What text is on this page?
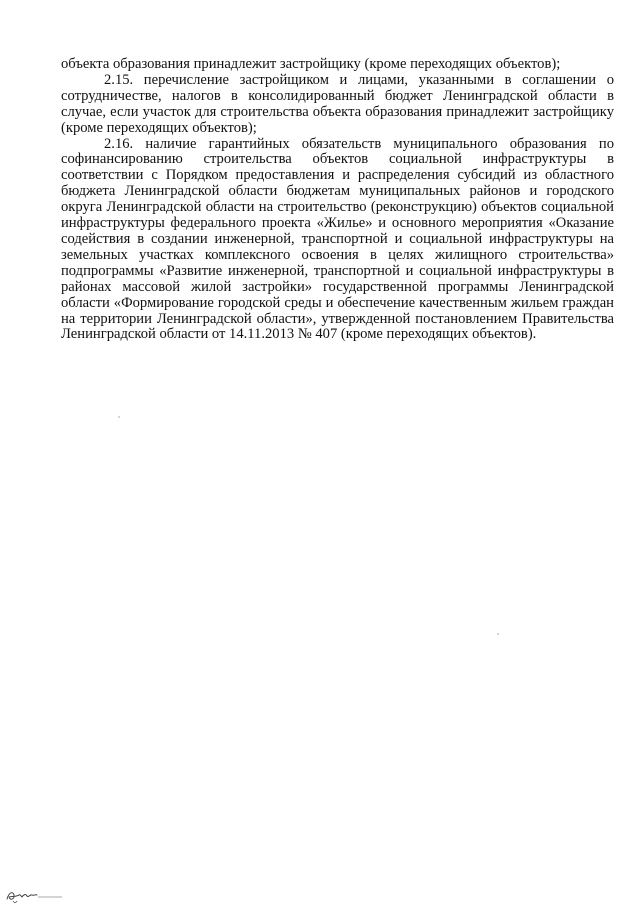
объекта образования принадлежит застройщику (кроме переходящих объектов);

2.15. перечисление застройщиком и лицами, указанными в соглашении о сотрудничестве, налогов в консолидированный бюджет Ленинградской области в случае, если участок для строительства объекта образования принадлежит застройщику (кроме переходящих объектов);

2.16. наличие гарантийных обязательств муниципального образования по софинансированию строительства объектов социальной инфраструктуры в соответствии с Порядком предоставления и распределения субсидий из областного бюджета Ленинградской области бюджетам муниципальных районов и городского округа Ленинградской области на строительство (реконструкцию) объектов социальной инфраструктуры федерального проекта «Жилье» и основного мероприятия «Оказание содействия в создании инженерной, транспортной и социальной инфраструктуры на земельных участках комплексного освоения в целях жилищного строительства» подпрограммы «Развитие инженерной, транспортной и социальной инфраструктуры в районах массовой жилой застройки» государственной программы Ленинградской области «Формирование городской среды и обеспечение качественным жильем граждан на территории Ленинградской области», утвержденной постановлением Правительства Ленинградской области от 14.11.2013 № 407 (кроме переходящих объектов).
